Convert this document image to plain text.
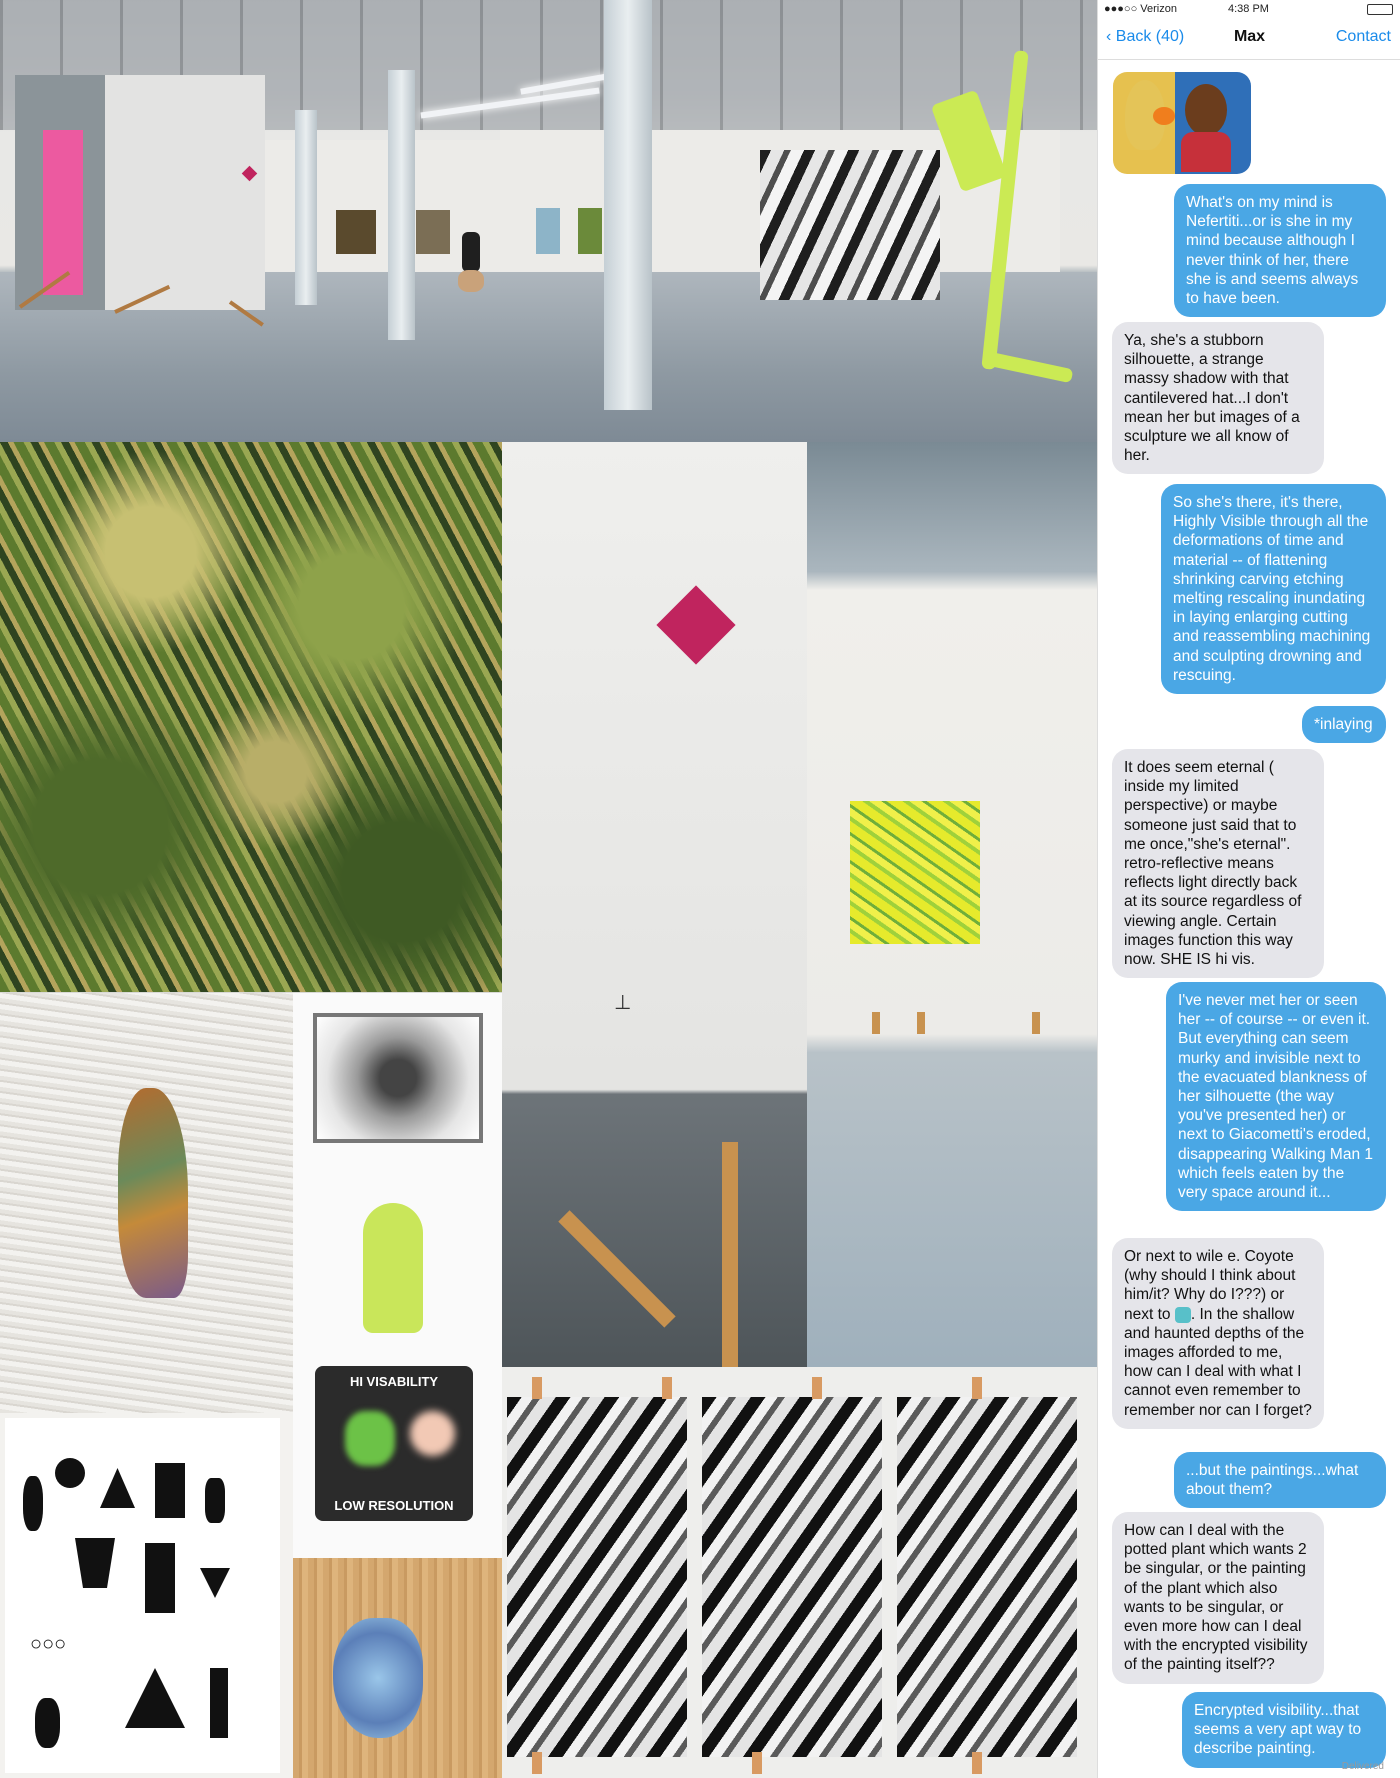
⊥
HI VISABILITY
LOW RESOLUTION
○○○
●●●○○ Verizon	4:38 PM
‹ Back (40)	Max	Contact
What's on my mind is Nefertiti...or is she in my mind because although I never think of her, there she is and seems always to have been.
Ya, she's a stubborn silhouette, a strange massy shadow with that cantilevered hat...I don't mean her but images of a sculpture we all know of her.
So she's there, it's there, Highly Visible through all the deformations of time and material -- of flattening shrinking carving etching melting rescaling inundating in laying enlarging cutting and reassembling machining and sculpting drowning and rescuing.
*inlaying
It does seem eternal ( inside my limited perspective) or maybe someone just said that to me once,"she's eternal". retro-reflective means reflects light directly back at its source regardless of viewing angle. Certain images function this way now. SHE IS hi vis.
I've never met her or seen her -- of course -- or even it. But everything can seem murky and invisible next to the evacuated blankness of her silhouette (the way you've presented her) or next to Giacometti's eroded, disappearing Walking Man 1 which feels eaten by the very space around it...
Or next to wile e. Coyote (why should I think about him/it? Why do I???) or next to . In the shallow and haunted depths of the images afforded to me, how can I deal with what I cannot even remember to remember nor can I forget?
...but the paintings...what about them?
How can I deal with the potted plant which wants 2 be singular, or the painting of the plant which also wants to be singular, or even more how can I deal with the encrypted visibility of the painting itself??
Encrypted visibility...that seems a very apt way to describe painting.
Delivered
